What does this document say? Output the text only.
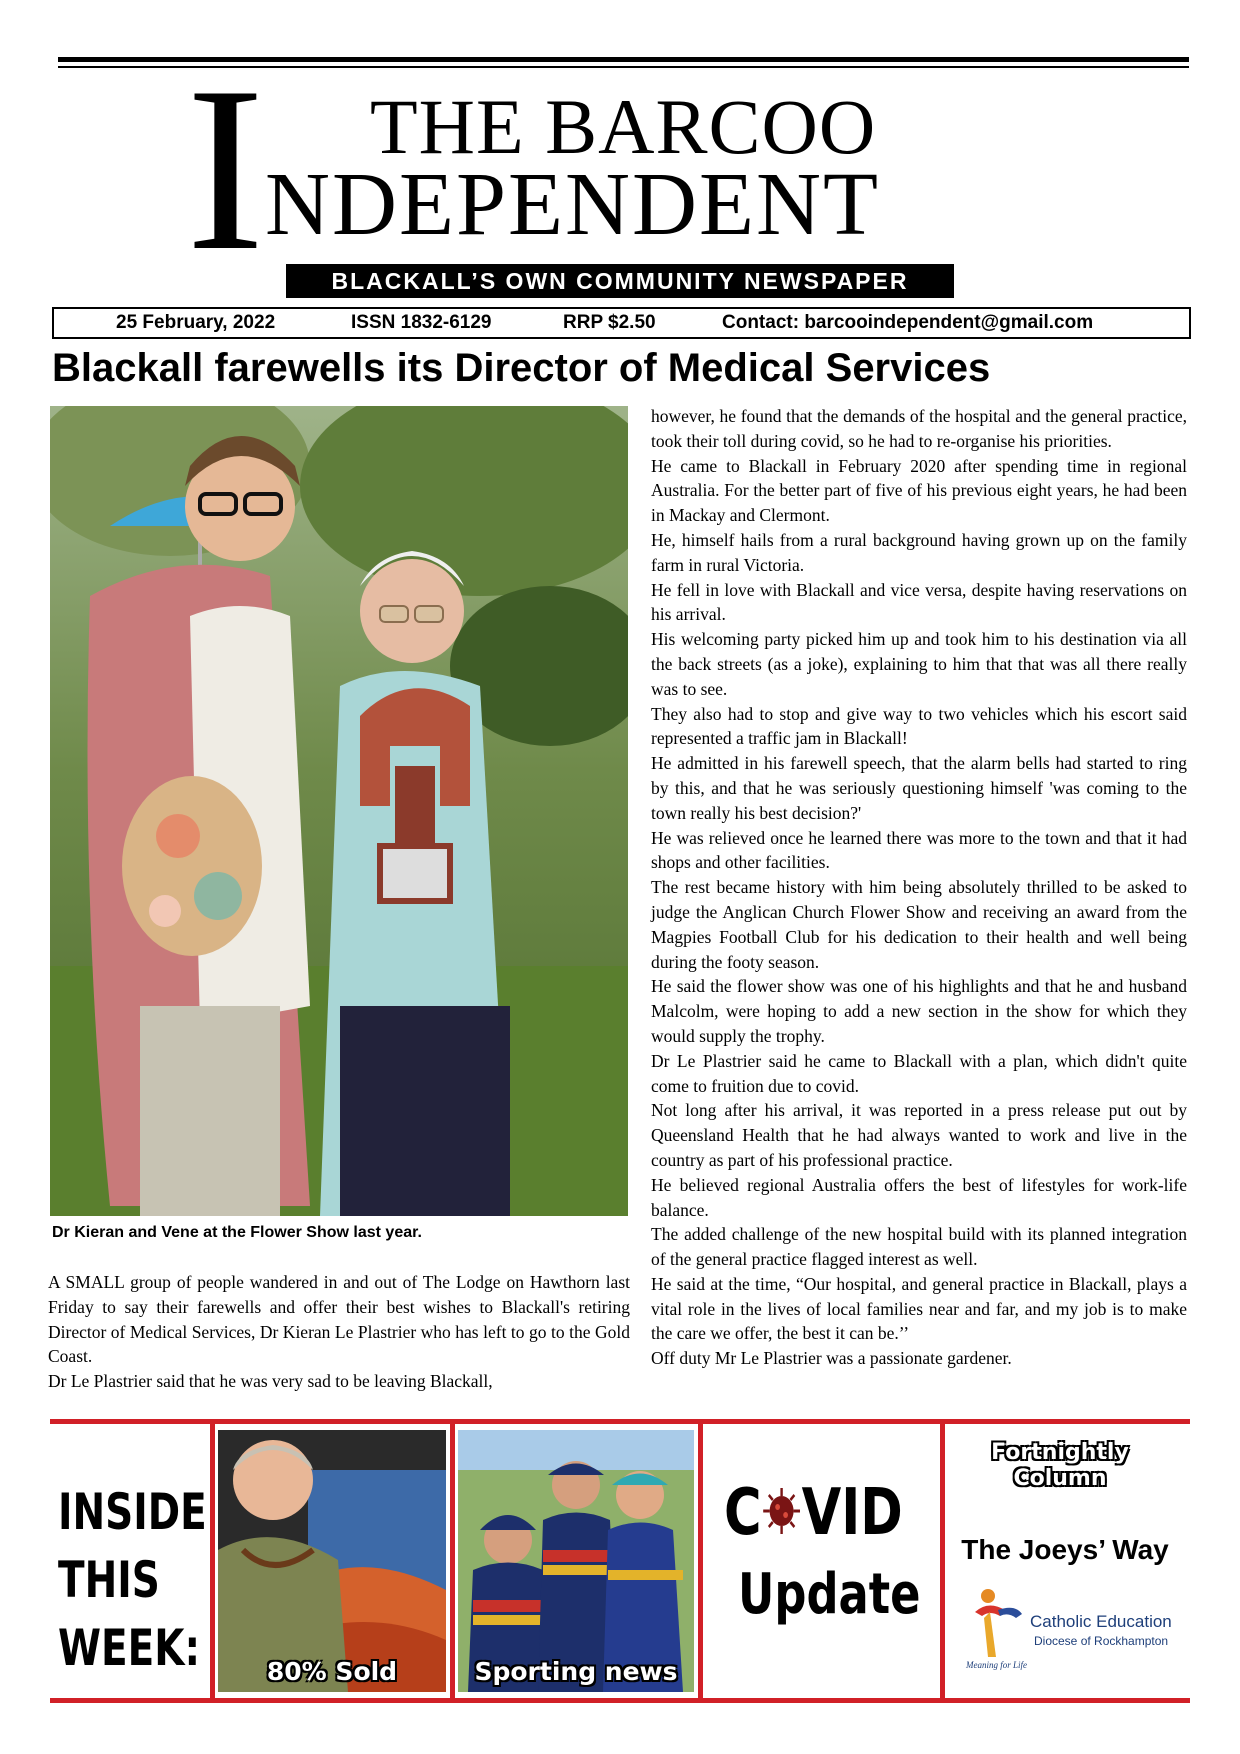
I THE BARCOO
NDEPENDENT
BLACKALL’S OWN COMMUNITY NEWSPAPER
25 February, 2022	ISSN 1832-6129	RRP $2.50	Contact: barcooindependent@gmail.com
Blackall farewells its Director of Medical Services
Dr Kieran and Vene at the Flower Show last year.

A SMALL group of people wandered in and out of The Lodge on Hawthorn last Friday to say their farewells and offer their best wishes to Blackall's retiring Director of Medical Services, Dr Kieran Le Plastrier who has left to go to the Gold Coast.

Dr Le Plastrier said that he was very sad to be leaving Blackall,

however, he found that the demands of the hospital and the general practice, took their toll during covid, so he had to re-organise his priorities.

He came to Blackall in February 2020 after spending time in regional Australia. For the better part of five of his previous eight years, he had been in Mackay and Clermont.

He, himself hails from a rural background having grown up on the family farm in rural Victoria.

He fell in love with Blackall and vice versa, despite having reservations on his arrival.

His welcoming party picked him up and took him to his destination via all the back streets (as a joke), explaining to him that that was all there really was to see.

They also had to stop and give way to two vehicles which his escort said represented a traffic jam in Blackall!

He admitted in his farewell speech, that the alarm bells had started to ring by this, and that he was seriously questioning himself 'was coming to the town really his best decision?'

He was relieved once he learned there was more to the town and that it had shops and other facilities.

The rest became history with him being absolutely thrilled to be asked to judge the Anglican Church Flower Show and receiving an award from the Magpies Football Club for his dedication to their health and well being during the footy season.

He said the flower show was one of his highlights and that he and husband Malcolm, were hoping to add a new section in the show for which they would supply the trophy.

Dr Le Plastrier said he came to Blackall with a plan, which didn't quite come to fruition due to covid.

Not long after his arrival, it was reported in a press release put out by Queensland Health that he had always wanted to work and live in the country as part of his professional practice.

He believed regional Australia offers the best of lifestyles for work-life balance.

The added challenge of the new hospital build with its planned integration of the general practice flagged interest as well.

He said at the time, “Our hospital, and general practice in Blackall, plays a vital role in the lives of local families near and far, and my job is to make the care we offer, the best it can be.’’

Off duty Mr Le Plastrier was a passionate gardener.

INSIDE
THIS
WEEK:	80% Sold	Sporting news
C VID
Update
Fortnightly
Column
The Joeys’ Way
Catholic Education
Diocese of Rockhampton
Meaning for Life
